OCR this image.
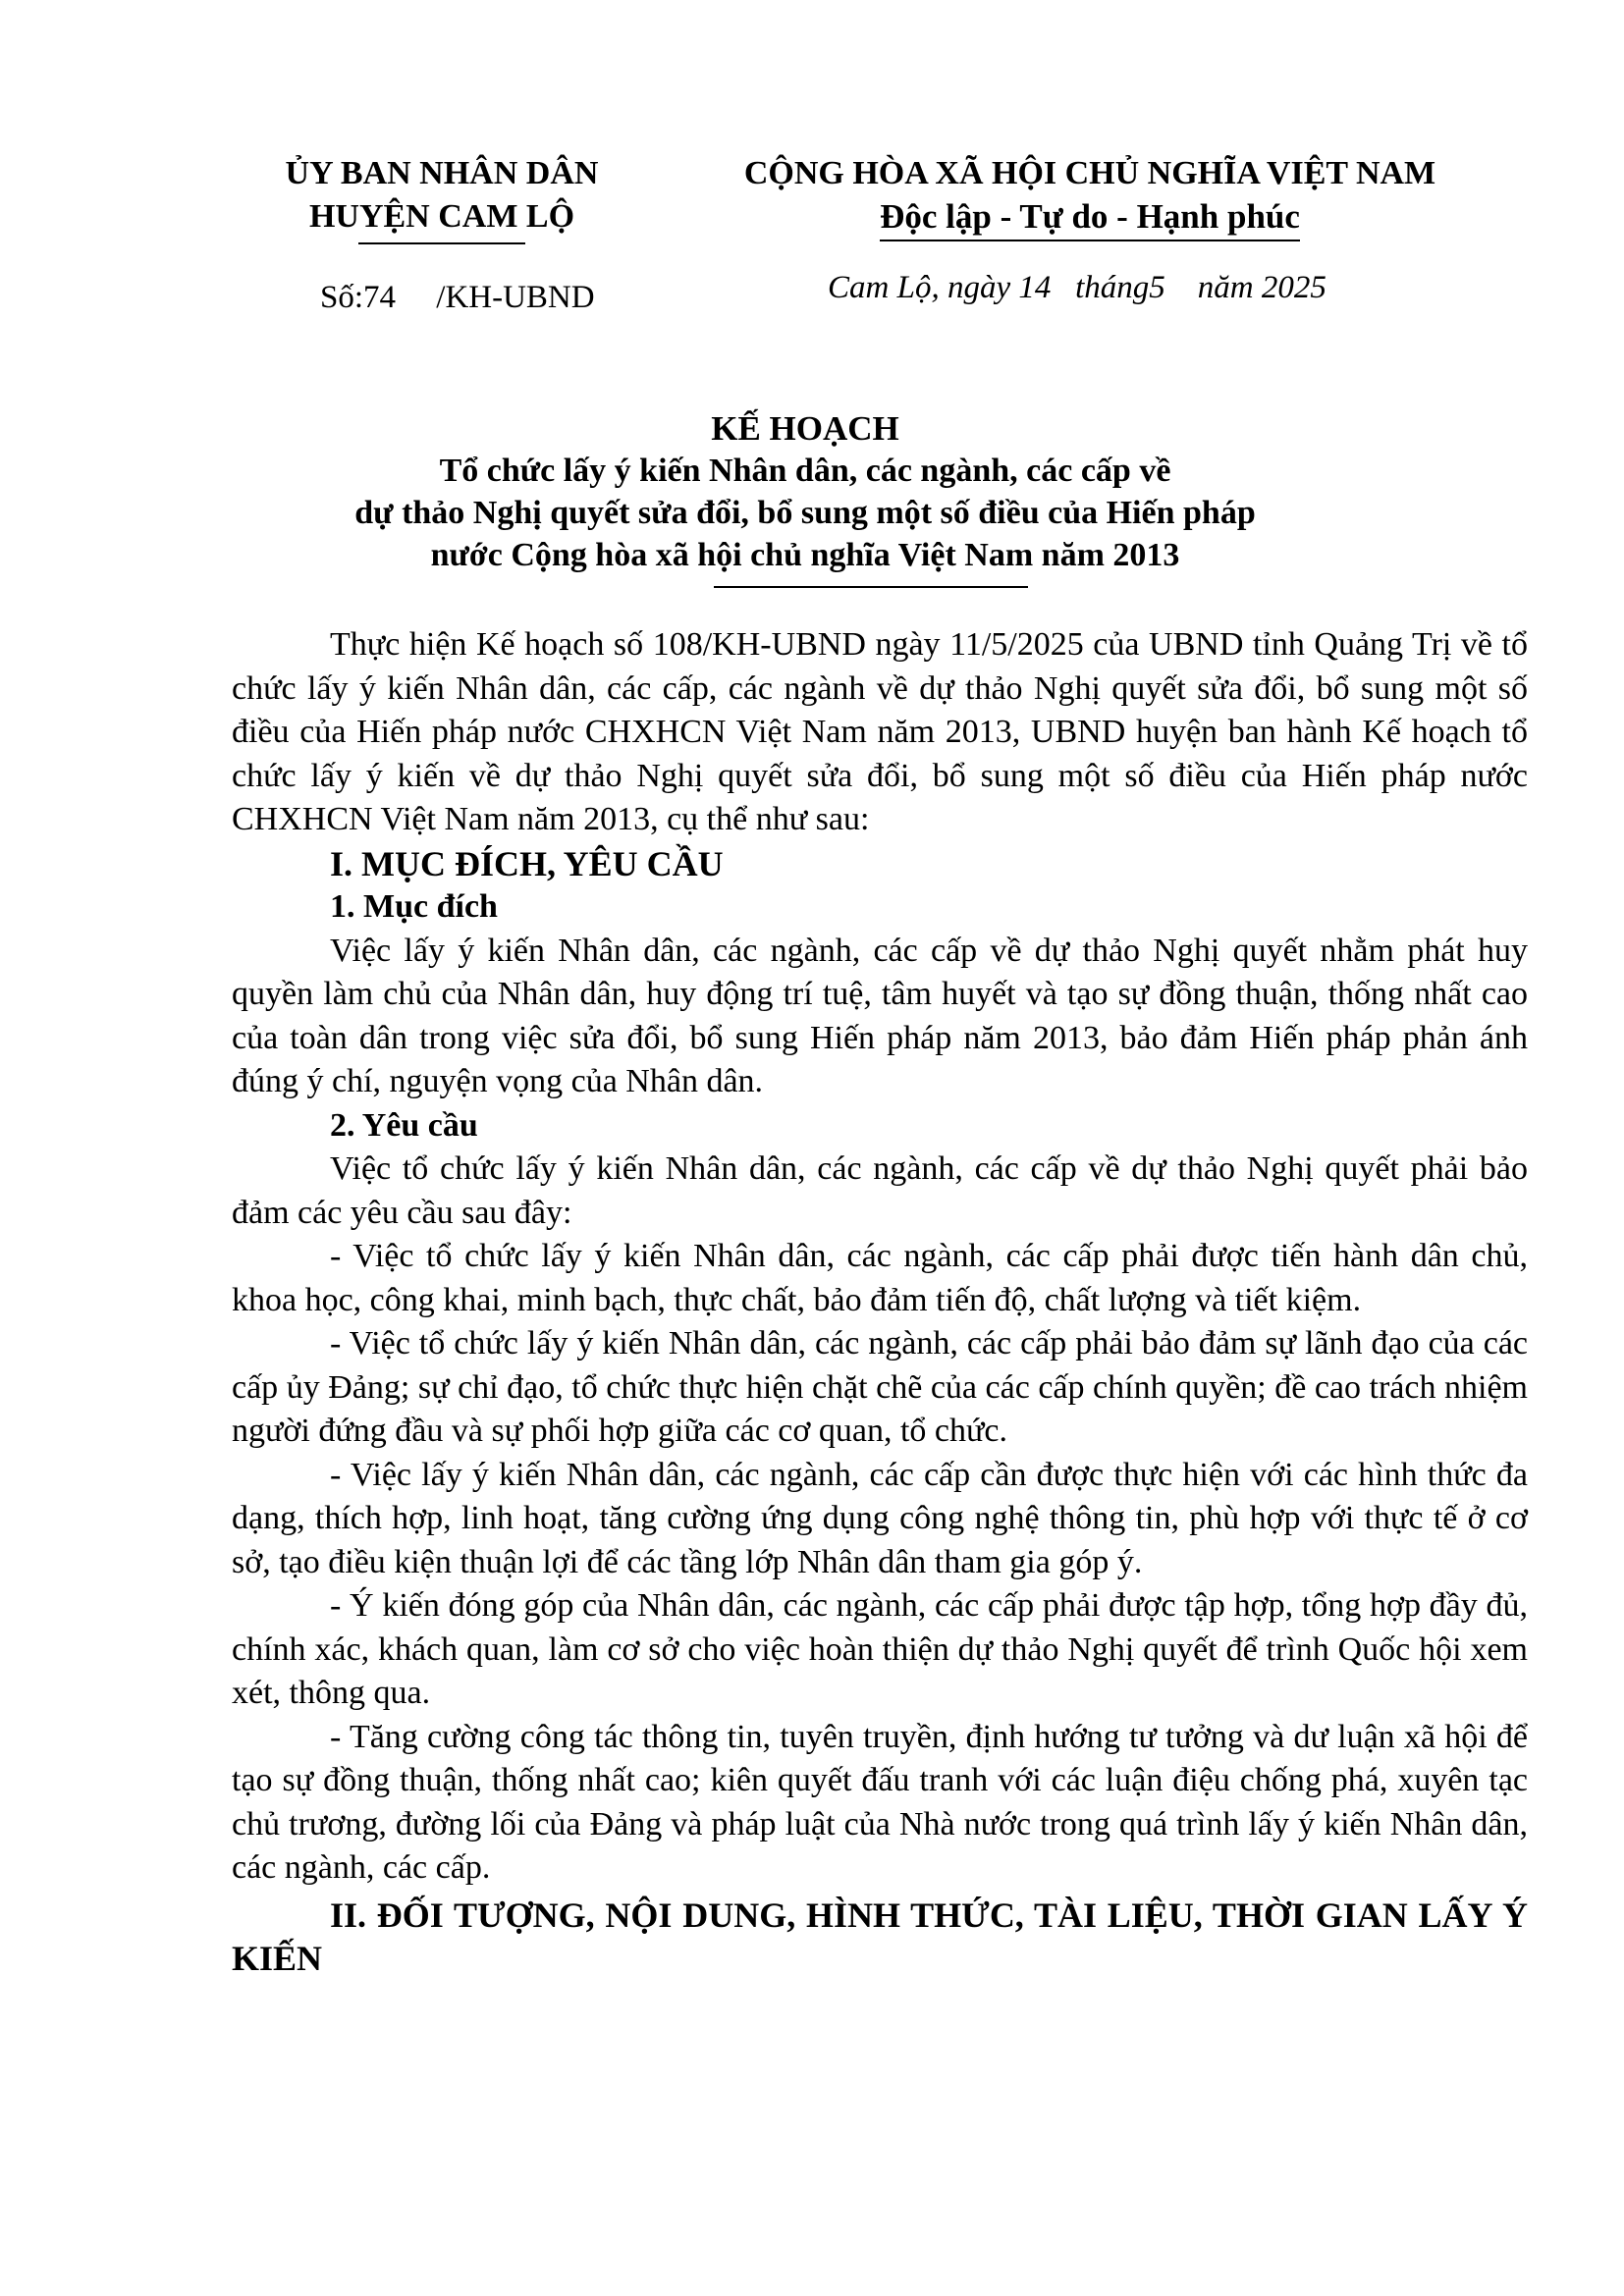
ỦY BAN NHÂN DÂN
HUYỆN CAM LỘ
CỘNG HÒA XÃ HỘI CHỦ NGHĨA VIỆT NAM
Độc lập - Tự do - Hạnh phúc
Số:74     /KH-UBND	Cam Lộ, ngày 14   tháng5    năm 2025
KẾ HOẠCH
Tổ chức lấy ý kiến Nhân dân, các ngành, các cấp về
dự thảo Nghị quyết sửa đổi, bổ sung một số điều của Hiến pháp
nước Cộng hòa xã hội chủ nghĩa Việt Nam năm 2013

Thực hiện Kế hoạch số 108/KH-UBND ngày 11/5/2025 của UBND tỉnh Quảng Trị về tổ chức lấy ý kiến Nhân dân, các cấp, các ngành về dự thảo Nghị quyết sửa đổi, bổ sung một số điều của Hiến pháp nước CHXHCN Việt Nam năm 2013, UBND huyện ban hành Kế hoạch tổ chức lấy ý kiến về dự thảo Nghị quyết sửa đổi, bổ sung một số điều của Hiến pháp nước CHXHCN Việt Nam năm 2013, cụ thể như sau:

I. MỤC ĐÍCH, YÊU CẦU
1. Mục đích

Việc lấy ý kiến Nhân dân, các ngành, các cấp về dự thảo Nghị quyết nhằm phát huy quyền làm chủ của Nhân dân, huy động trí tuệ, tâm huyết và tạo sự đồng thuận, thống nhất cao của toàn dân trong việc sửa đổi, bổ sung Hiến pháp năm 2013, bảo đảm Hiến pháp phản ánh đúng ý chí, nguyện vọng của Nhân dân.

2. Yêu cầu

Việc tổ chức lấy ý kiến Nhân dân, các ngành, các cấp về dự thảo Nghị quyết phải bảo đảm các yêu cầu sau đây:

- Việc tổ chức lấy ý kiến Nhân dân, các ngành, các cấp phải được tiến hành dân chủ, khoa học, công khai, minh bạch, thực chất, bảo đảm tiến độ, chất lượng và tiết kiệm.

- Việc tổ chức lấy ý kiến Nhân dân, các ngành, các cấp phải bảo đảm sự lãnh đạo của các cấp ủy Đảng; sự chỉ đạo, tổ chức thực hiện chặt chẽ của các cấp chính quyền; đề cao trách nhiệm người đứng đầu và sự phối hợp giữa các cơ quan, tổ chức.

- Việc lấy ý kiến Nhân dân, các ngành, các cấp cần được thực hiện với các hình thức đa dạng, thích hợp, linh hoạt, tăng cường ứng dụng công nghệ thông tin, phù hợp với thực tế ở cơ sở, tạo điều kiện thuận lợi để các tầng lớp Nhân dân tham gia góp ý.

- Ý kiến đóng góp của Nhân dân, các ngành, các cấp phải được tập hợp, tổng hợp đầy đủ, chính xác, khách quan, làm cơ sở cho việc hoàn thiện dự thảo Nghị quyết để trình Quốc hội xem xét, thông qua.

- Tăng cường công tác thông tin, tuyên truyền, định hướng tư tưởng và dư luận xã hội để tạo sự đồng thuận, thống nhất cao; kiên quyết đấu tranh với các luận điệu chống phá, xuyên tạc chủ trương, đường lối của Đảng và pháp luật của Nhà nước trong quá trình lấy ý kiến Nhân dân, các ngành, các cấp.

II. ĐỐI TƯỢNG, NỘI DUNG, HÌNH THỨC, TÀI LIỆU, THỜI GIAN LẤY Ý KIẾN
